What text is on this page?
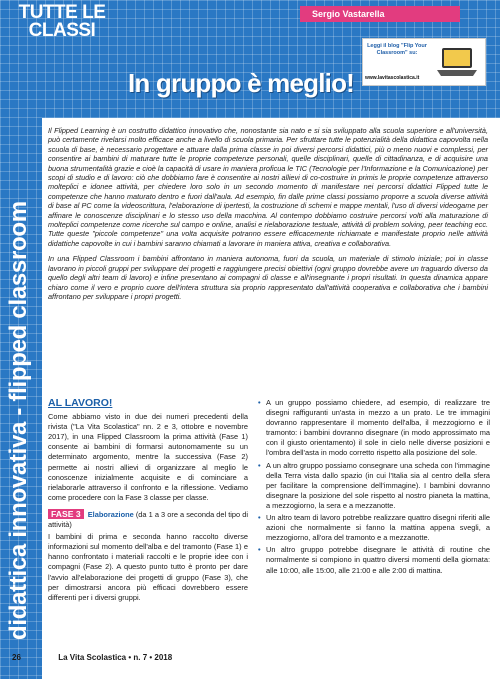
TUTTE LE CLASSI
Sergio Vastarella
Leggi il blog "Flip Your Classroom" su:
www.lavitascolastica.it
In gruppo è meglio!
didattica innovativa - flipped classroom

Il Flipped Learning è un costrutto didattico innovativo che, nonostante sia nato e si sia sviluppato alla scuola superiore e all'università, può certamente rivelarsi molto efficace anche a livello di scuola primaria. Per sfruttare tutte le potenzialità della didattica capovolta nella scuola di base, è necessario progettare e attuare dalla prima classe in poi diversi percorsi didattici, più o meno nuovi e complessi, per consentire ai bambini di maturare tutte le proprie competenze personali, quelle disciplinari, quelle di cittadinanza, e di acquisire una buona strumentalità grazie e cioè la capacità di usare in maniera proficua le TIC (Tecnologie per l'Informazione e la Comunicazione) per scopi di studio e di lavoro: ciò che dobbiamo fare è consentire ai nostri allievi di co-costruire in primis le proprie competenze attraverso molteplici e idonee attività, per chiedere loro solo in un secondo momento di manifestare nei percorsi didattici Flipped tutte le competenze che hanno maturato dentro e fuori dall'aula. Ad esempio, fin dalle prime classi possiamo proporre a scuola diverse attività di base al PC come la videoscrittura, l'elaborazione di ipertesti, la costruzione di schemi e mappe mentali, l'uso di diversi videogame per affinare le conoscenze disciplinari e lo stesso uso della macchina. Al contempo dobbiamo costruire percorsi volti alla maturazione di molteplici competenze come ricerche sul campo e online, analisi e rielaborazione testuale, attività di problem solving, peer teaching ecc. Tutte queste "piccole competenze" una volta acquisite potranno essere efficacemente richiamate e manifestate proprio nelle attività didattiche capovolte in cui i bambini saranno chiamati a lavorare in maniera attiva, creativa e collaborativa.

In una Flipped Classroom i bambini affrontano in maniera autonoma, fuori da scuola, un materiale di stimolo iniziale; poi in classe lavorano in piccoli gruppi per sviluppare dei progetti e raggiungere precisi obiettivi (ogni gruppo dovrebbe avere un traguardo diverso da quello degli altri team di lavoro) e infine presentano ai compagni di classe e all'insegnante i propri risultati. In questa dinamica appare chiaro come il vero e proprio cuore dell'intera struttura sia proprio rappresentato dall'attività cooperativa e collaborativa che i bambini affrontano per sviluppare i propri progetti.

AL LAVORO!

Come abbiamo visto in due dei numeri precedenti della rivista ("La Vita Scolastica" nn. 2 e 3, ottobre e novembre 2017), in una Flipped Classroom la prima attività (Fase 1) consente ai bambini di formarsi autonomamente su un determinato argomento, mentre la successiva (Fase 2) permette ai nostri allievi di organizzare al meglio le conoscenze inizialmente acquisite e di cominciare a rielaborarle attraverso il confronto e la riflessione. Vediamo come procedere con la Fase 3 classe per classe.

FASE 3 Elaborazione (da 1 a 3 ore a seconda del tipo di attività)

I bambini di prima e seconda hanno raccolto diverse informazioni sul momento dell'alba e del tramonto (Fase 1) e hanno confrontato i materiali raccolti e le proprie idee con i compagni (Fase 2). A questo punto tutto è pronto per dare l'avvio all'elaborazione dei progetti di gruppo (Fase 3), che per dimostrarsi ancora più efficaci dovrebbero essere differenti per i diversi gruppi.

• A un gruppo possiamo chiedere, ad esempio, di realizzare tre disegni raffiguranti un'asta in mezzo a un prato. Le tre immagini dovranno rappresentare il momento dell'alba, il mezzogiorno e il tramonto: i bambini dovranno disegnare (in modo approssimato ma con il giusto orientamento) il sole in cielo nelle diverse posizioni e l'ombra dell'asta in modo corretto rispetto alla posizione del sole.
• A un altro gruppo possiamo consegnare una scheda con l'immagine della Terra vista dallo spazio (in cui l'Italia sia al centro della sfera per facilitare la comprensione dell'immagine). I bambini dovranno disegnare la posizione del sole rispetto al nostro pianeta la mattina, a mezzogiorno, la sera e a mezzanotte.
• Un altro team di lavoro potrebbe realizzare quattro disegni riferiti alle azioni che normalmente si fanno la mattina appena svegli, a mezzogiorno, all'ora del tramonto e a mezzanotte.
• Un altro gruppo potrebbe disegnare le attività di routine che normalmente si compiono in quattro diversi momenti della giornata: alle 10:00, alle 15:00, alle 21:00 e alle 2:00 di mattina.
26	La Vita Scolastica • n. 7 • 2018
